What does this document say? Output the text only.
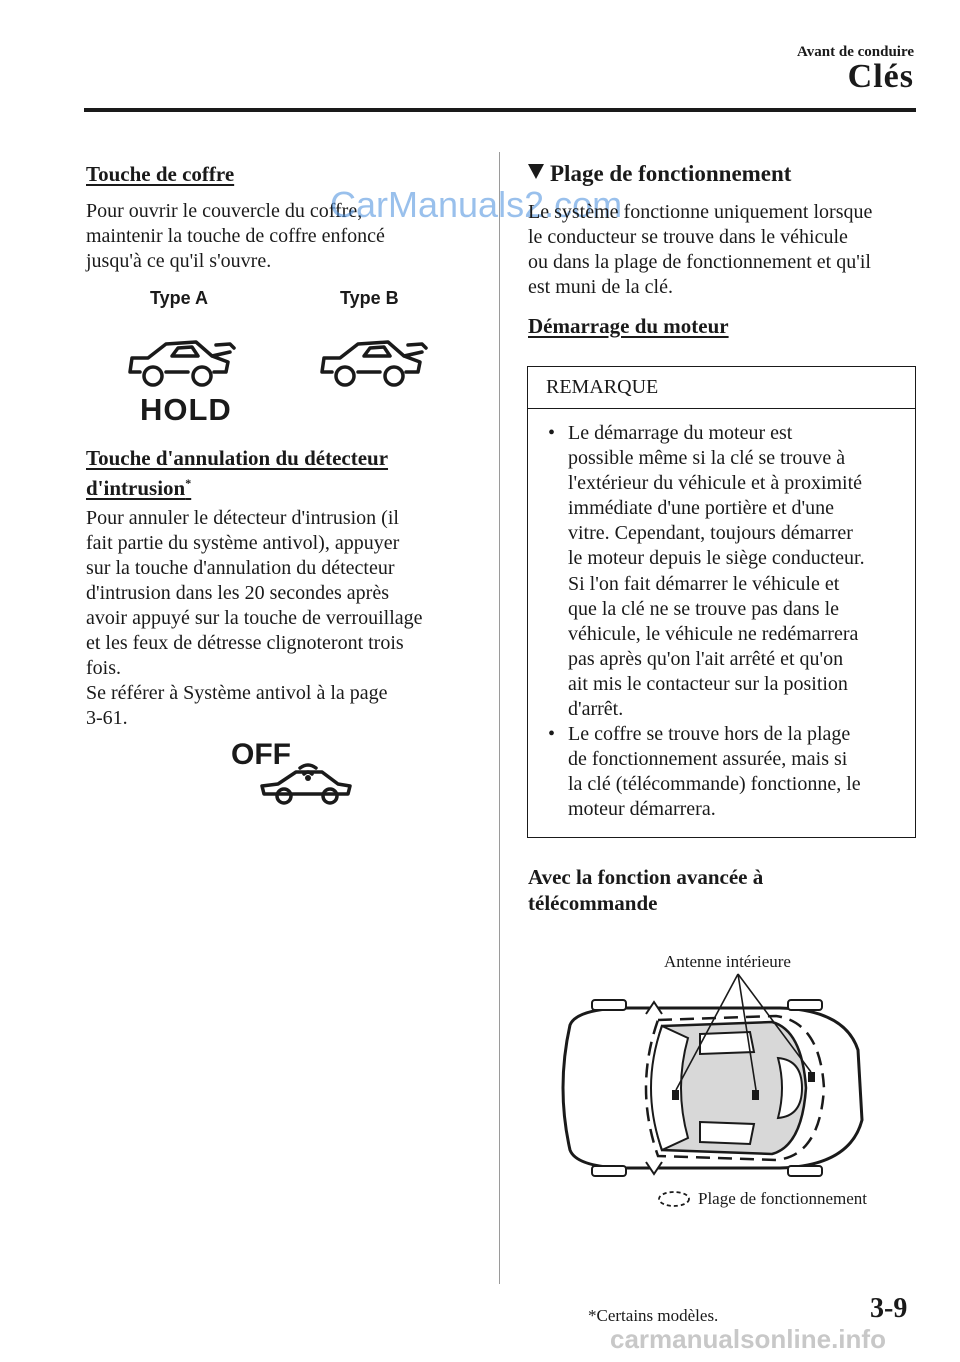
Avant de conduire
Clés
Touche de coffre
Pour ouvrir le couvercle du coffre,
maintenir la touche de coffre enfoncé
jusqu'à ce qu'il s'ouvre.
Type A	Type B
HOLD
Touche d'annulation du détecteur
d'intrusion*
Pour annuler le détecteur d'intrusion (il
fait partie du système antivol), appuyer
sur la touche d'annulation du détecteur
d'intrusion dans les 20 secondes après
avoir appuyé sur la touche de verrouillage
et les feux de détresse clignoteront trois
fois.
Se référer à Système antivol à la page
3-61.
OFF
CarManuals2.com
Plage de fonctionnement
Le système fonctionne uniquement lorsque
le conducteur se trouve dans le véhicule
ou dans la plage de fonctionnement et qu'il
est muni de la clé.
Démarrage du moteur
REMARQUE
• Le démarrage du moteur est
possible même si la clé se trouve à
l'extérieur du véhicule et à proximité
immédiate d'une portière et d'une
vitre. Cependant, toujours démarrer
le moteur depuis le siège conducteur.
Si l'on fait démarrer le véhicule et
que la clé ne se trouve pas dans le
véhicule, le véhicule ne redémarrera
pas après qu'on l'ait arrêté et qu'on
ait mis le contacteur sur la position
d'arrêt.
• Le coffre se trouve hors de la plage
de fonctionnement assurée, mais si
la clé (télécommande) fonctionne, le
moteur démarrera.
Avec la fonction avancée à
télécommande
Antenne intérieure
Plage de fonctionnement
*Certains modèles.	3-9
carmanualsonline.info
